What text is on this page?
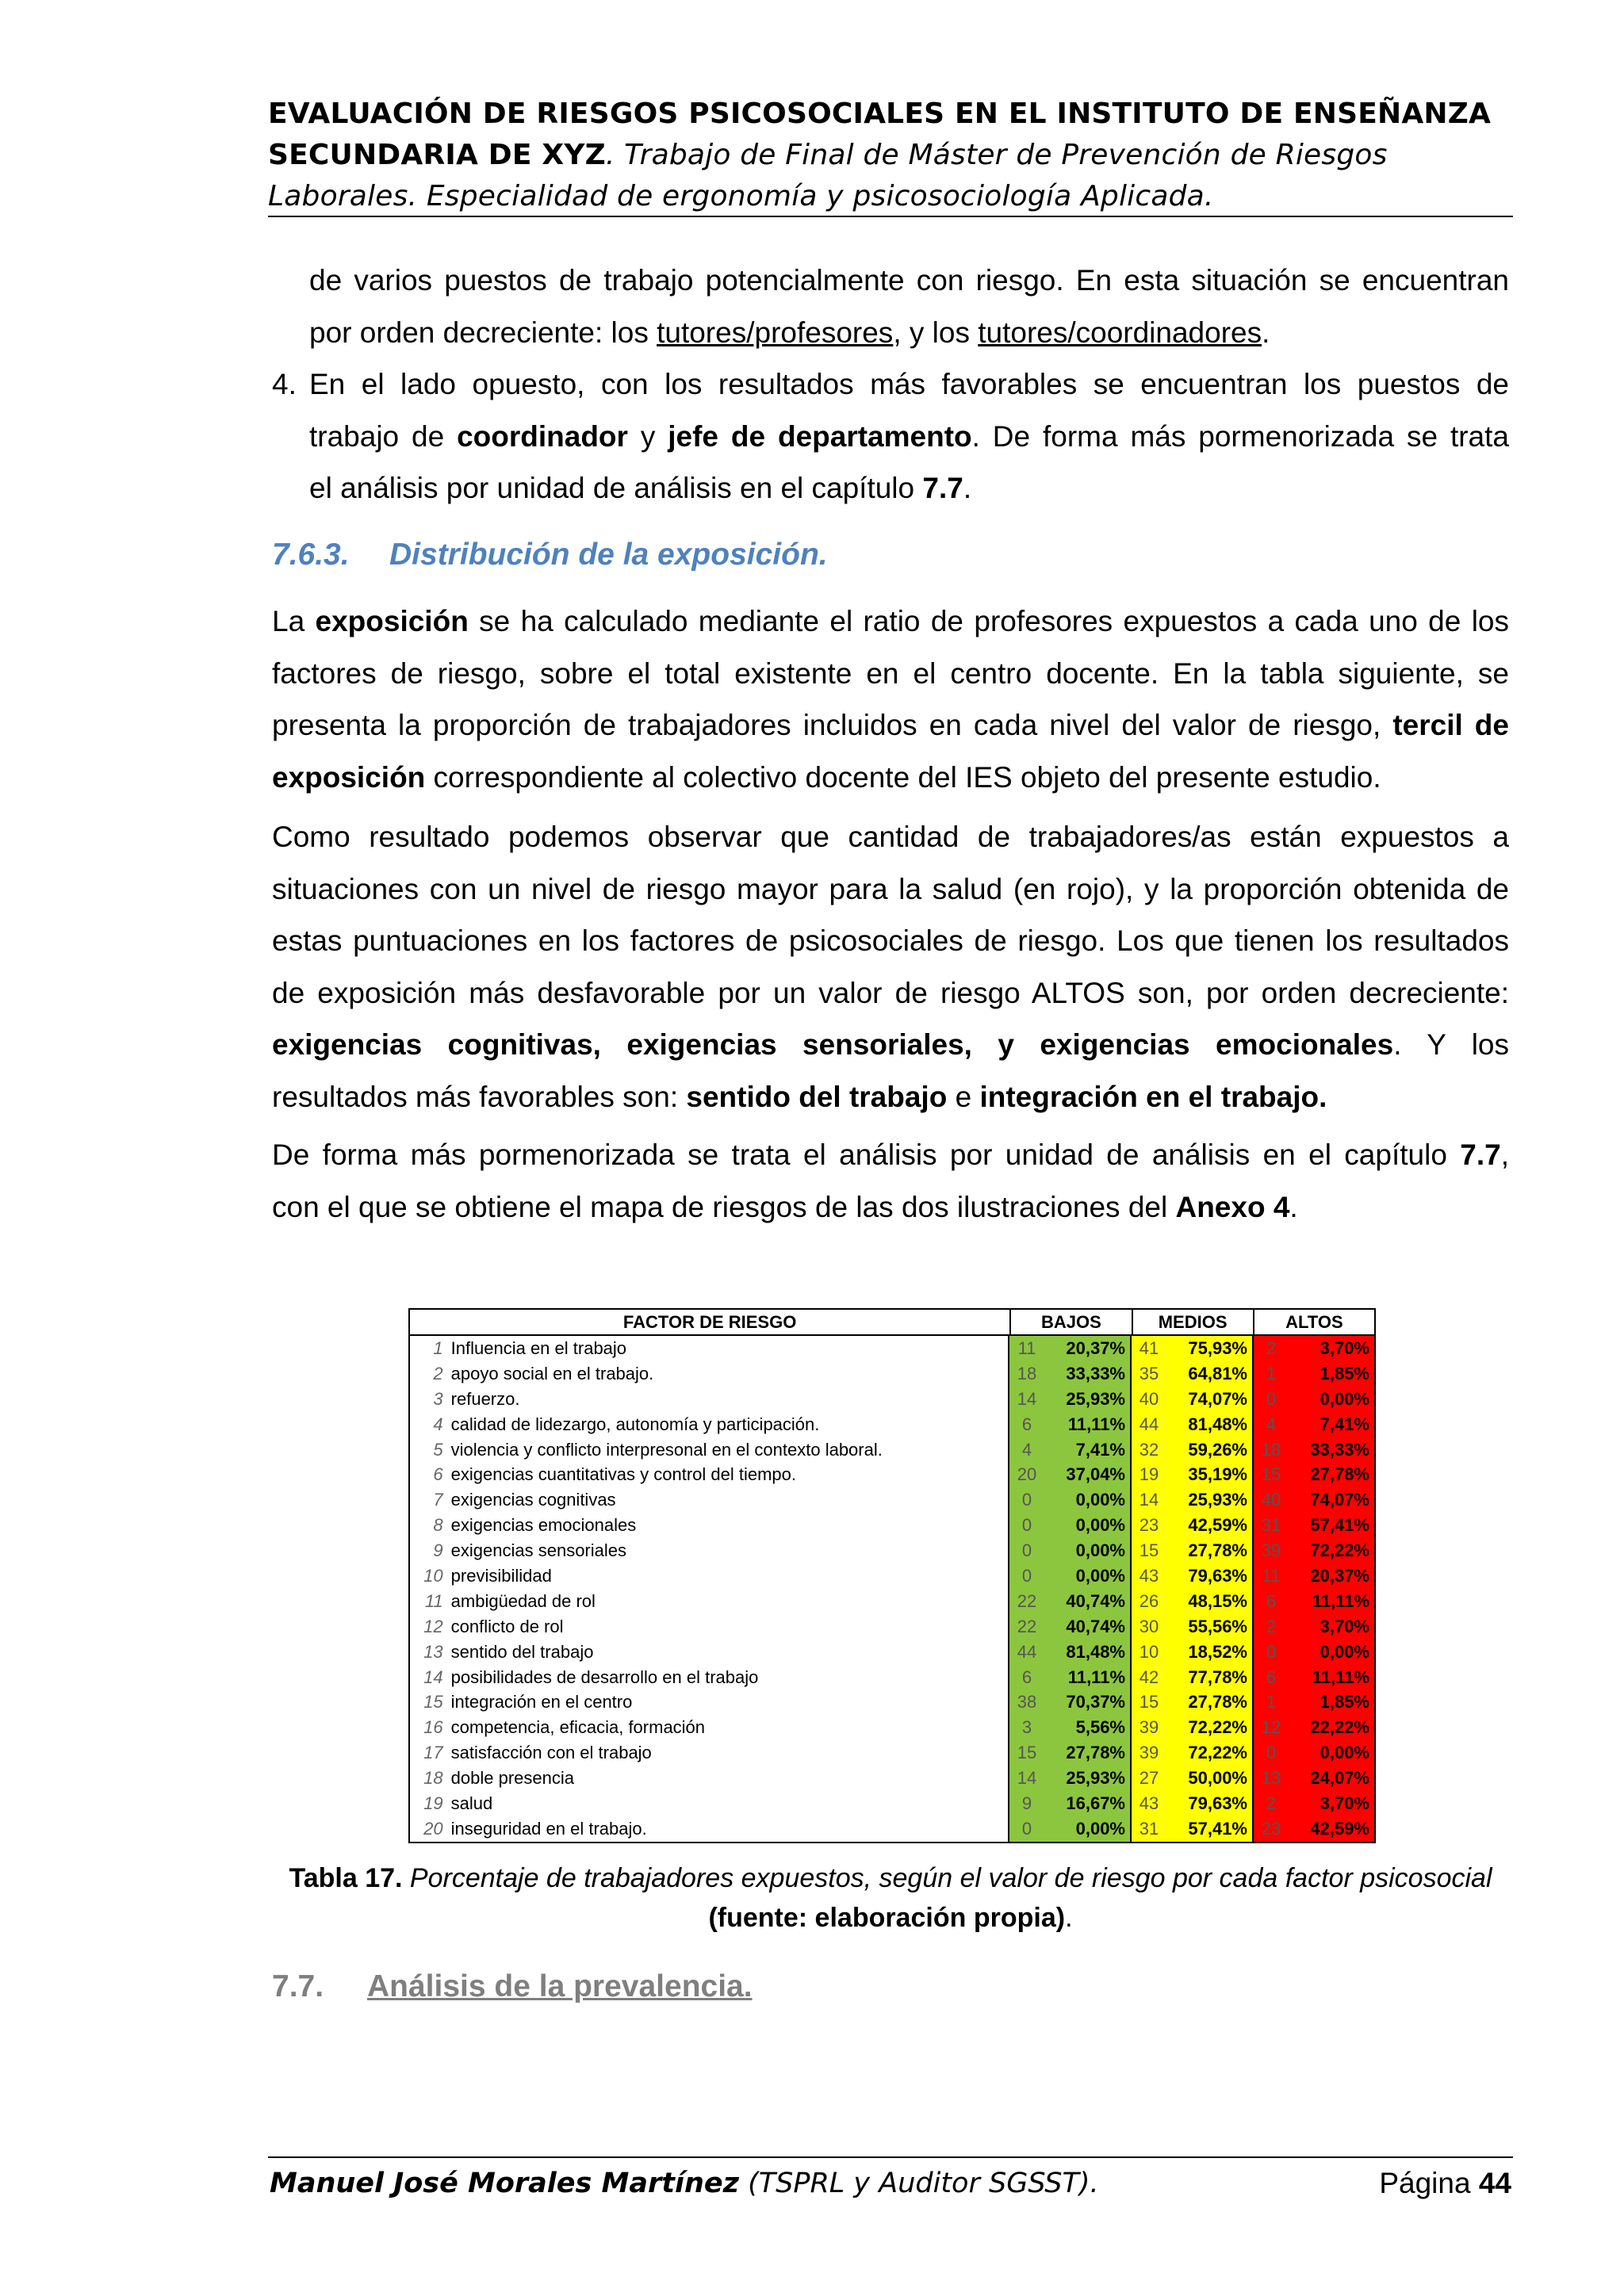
EVALUACIÓN DE RIESGOS PSICOSOCIALES EN EL INSTITUTO DE ENSEÑANZA SECUNDARIA DE XYZ. Trabajo de Final de Máster de Prevención de Riesgos Laborales. Especialidad de ergonomía y psicosociología Aplicada.
de varios puestos de trabajo potencialmente con riesgo. En esta situación se encuentran
por orden decreciente: los tutores/profesores, y los tutores/coordinadores.
4. En el lado opuesto, con los resultados más favorables se encuentran los puestos de
trabajo de coordinador y jefe de departamento. De forma más pormenorizada se trata
el análisis por unidad de análisis en el capítulo 7.7.
7.6.3. Distribución de la exposición.
La exposición se ha calculado mediante el ratio de profesores expuestos a cada uno de los
factores de riesgo, sobre el total existente en el centro docente. En la tabla siguiente, se
presenta la proporción de trabajadores incluidos en cada nivel del valor de riesgo, tercil de
exposición correspondiente al colectivo docente del IES objeto del presente estudio.
Como resultado podemos observar que cantidad de trabajadores/as están expuestos a
situaciones con un nivel de riesgo mayor para la salud (en rojo), y la proporción obtenida de
estas puntuaciones en los factores de psicosociales de riesgo. Los que tienen los resultados
de exposición más desfavorable por un valor de riesgo ALTOS son, por orden decreciente:
exigencias cognitivas, exigencias sensoriales, y exigencias emocionales. Y los
resultados más favorables son: sentido del trabajo e integración en el trabajo.
De forma más pormenorizada se trata el análisis por unidad de análisis en el capítulo 7.7,
con el que se obtiene el mapa de riesgos de las dos ilustraciones del Anexo 4.
FACTOR DE RIESGO	BAJOS	MEDIOS	ALTOS
1 Influencia en el trabajo	11	20,37% 41	75,93%	2	3,70%
2 apoyo social en el trabajo.	18	33,33% 35	64,81%	1	1,85%
3 refuerzo.	14	25,93% 40	74,07%	0	0,00%
4 calidad de lidezargo, autonomía y participación.	6	11,11% 44	81,48%	4	7,41%
5 violencia y conflicto interpresonal en el contexto laboral.	4	7,41% 32	59,26% 18	33,33%
6 exigencias cuantitativas y control del tiempo.	20	37,04% 19	35,19% 15	27,78%
7 exigencias cognitivas	0	0,00% 14	25,93% 40	74,07%
8 exigencias emocionales	0	0,00% 23	42,59% 31	57,41%
9 exigencias sensoriales	0	0,00% 15	27,78% 39	72,22%
10 previsibilidad	0	0,00% 43	79,63% 11	20,37%
11 ambigüedad de rol	22	40,74% 26	48,15%	6	11,11%
12 conflicto de rol	22	40,74% 30	55,56%	2	3,70%
13 sentido del trabajo	44	81,48% 10	18,52%	0	0,00%
14 posibilidades de desarrollo en el trabajo	6	11,11% 42	77,78%	6	11,11%
15 integración en el centro	38	70,37% 15	27,78%	1	1,85%
16 competencia, eficacia, formación	3	5,56% 39	72,22% 12	22,22%
17 satisfacción con el trabajo	15	27,78% 39	72,22%	0	0,00%
18 doble presencia	14	25,93% 27	50,00% 13	24,07%
19 salud	9	16,67% 43	79,63%	2	3,70%
20 inseguridad en el trabajo.	0	0,00% 31	57,41% 23	42,59%
Tabla 17. Porcentaje de trabajadores expuestos, según el valor de riesgo por cada factor psicosocial
(fuente: elaboración propia).
7.7. Análisis de la prevalencia.
Manuel José Morales Martínez (TSPRL y Auditor SGSST).	Página 44
